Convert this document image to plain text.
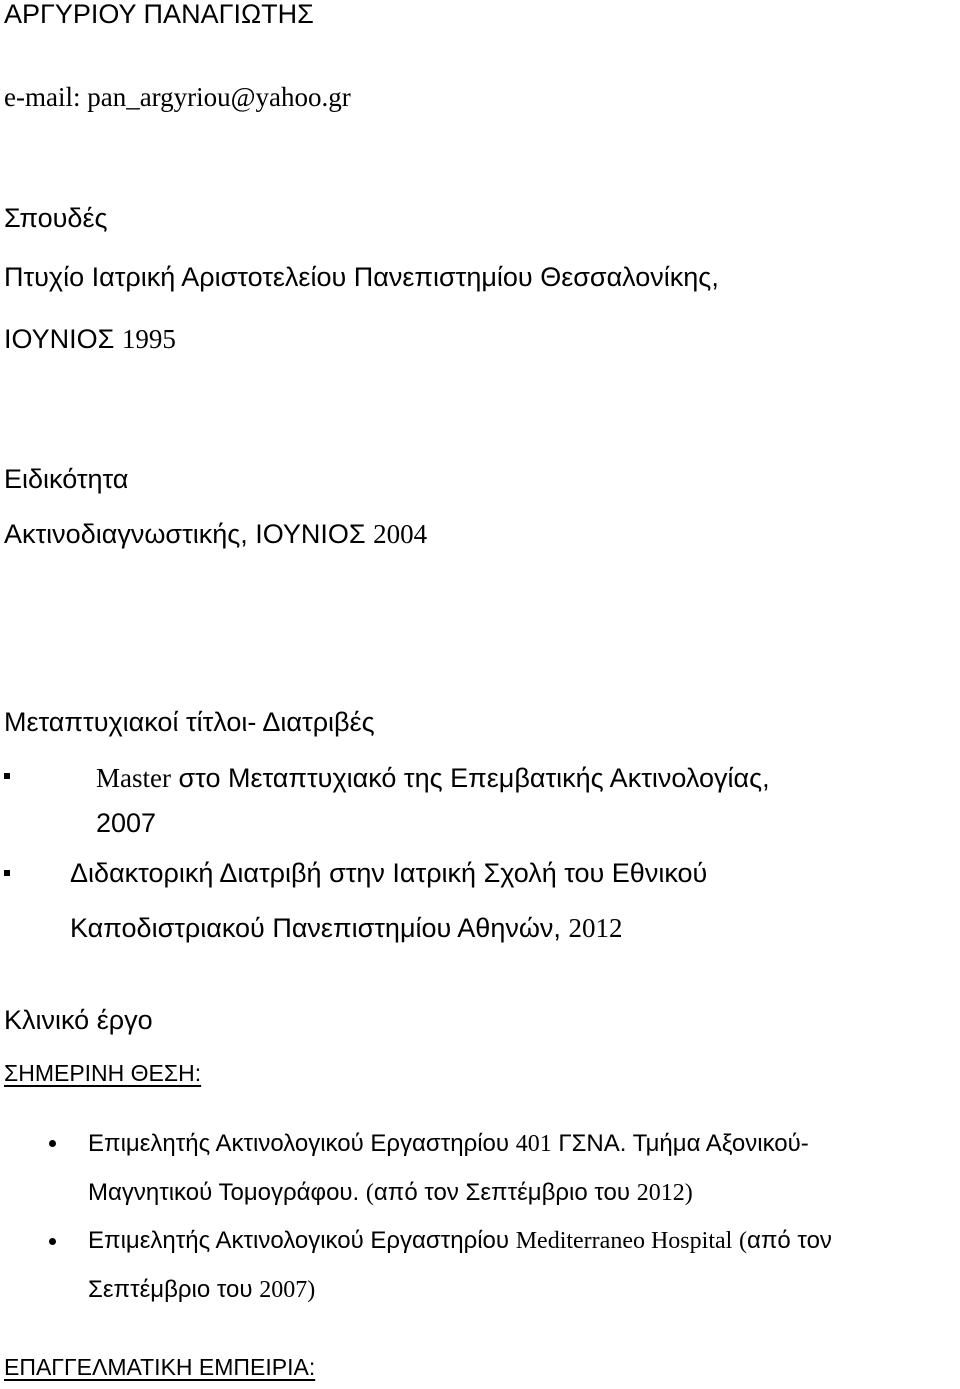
ΑΡΓΥΡΙΟΥ ΠΑΝΑΓΙΩΤΗΣ
e-mail: pan_argyriou@yahoo.gr
Σπουδές
Πτυχίο Ιατρική Αριστοτελείου Πανεπιστημίου Θεσσαλονίκης,
ΙΟΥΝΙΟΣ 1995
Ειδικότητα
Ακτινοδιαγνωστικής, ΙΟΥΝΙΟΣ 2004
Μεταπτυχιακοί τίτλοι- Διατριβές
Master στο Μεταπτυχιακό της Επεμβατικής Ακτινολογίας,
2007
Διδακτορική Διατριβή στην Ιατρική Σχολή του Εθνικού
Καποδιστριακού Πανεπιστημίου Αθηνών, 2012
Κλινικό έργο
ΣΗΜΕΡΙΝΗ ΘΕΣΗ:
Επιμελητής Ακτινολογικού Εργαστηρίου 401 ΓΣΝΑ. Τμήμα Αξονικού-
Μαγνητικού Τομογράφου. (από τον Σεπτέμβριο του 2012)
Επιμελητής Ακτινολογικού Εργαστηρίου Mediterraneo Hospital (από τον
Σεπτέμβριο του 2007)
ΕΠΑΓΓΕΛΜΑΤΙΚΗ ΕΜΠΕΙΡΙΑ:
